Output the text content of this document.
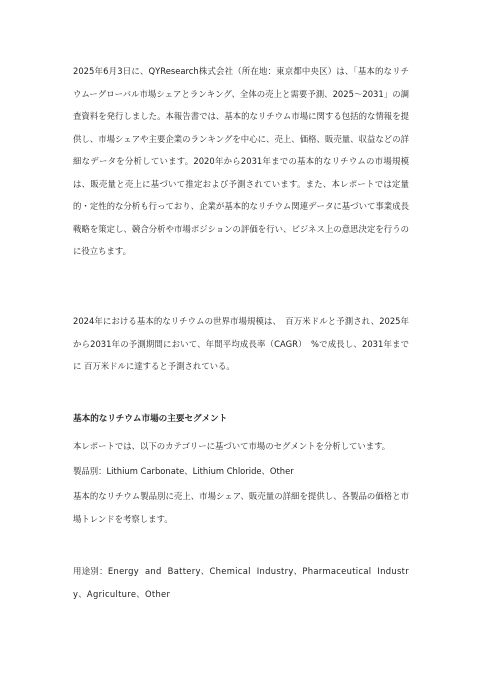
2025年6月3日に、QYResearch株式会社（所在地：東京都中央区）は、「基本的なリチウムーグローバル市場シェアとランキング、全体の売上と需要予測、2025～2031」の調査資料を発行しました。本報告書では、基本的なリチウム市場に関する包括的な情報を提供し、市場シェアや主要企業のランキングを中心に、売上、価格、販売量、収益などの詳細なデータを分析しています。2020年から2031年までの基本的なリチウムの市場規模は、販売量と売上に基づいて推定および予測されています。また、本レポートでは定量的・定性的な分析も行っており、企業が基本的なリチウム関連データに基づいて事業成長戦略を策定し、競合分析や市場ポジションの評価を行い、ビジネス上の意思決定を行うのに役立ちます。

2024年における基本的なリチウムの世界市場規模は、　百万米ドルと予測され、2025年から2031年の予測期間において、年間平均成長率（CAGR）　%で成長し、2031年までに 百万米ドルに達すると予測されている。

基本的なリチウム市場の主要セグメント

本レポートでは、以下のカテゴリーに基づいて市場のセグメントを分析しています。

製品別：Lithium Carbonate、Lithium Chloride、Other

基本的なリチウム製品別に売上、市場シェア、販売量の詳細を提供し、各製品の価格と市場トレンドを考察します。

用途別：Energy and Battery、Chemical Industry、Pharmaceutical Industry、Agriculture、Other
